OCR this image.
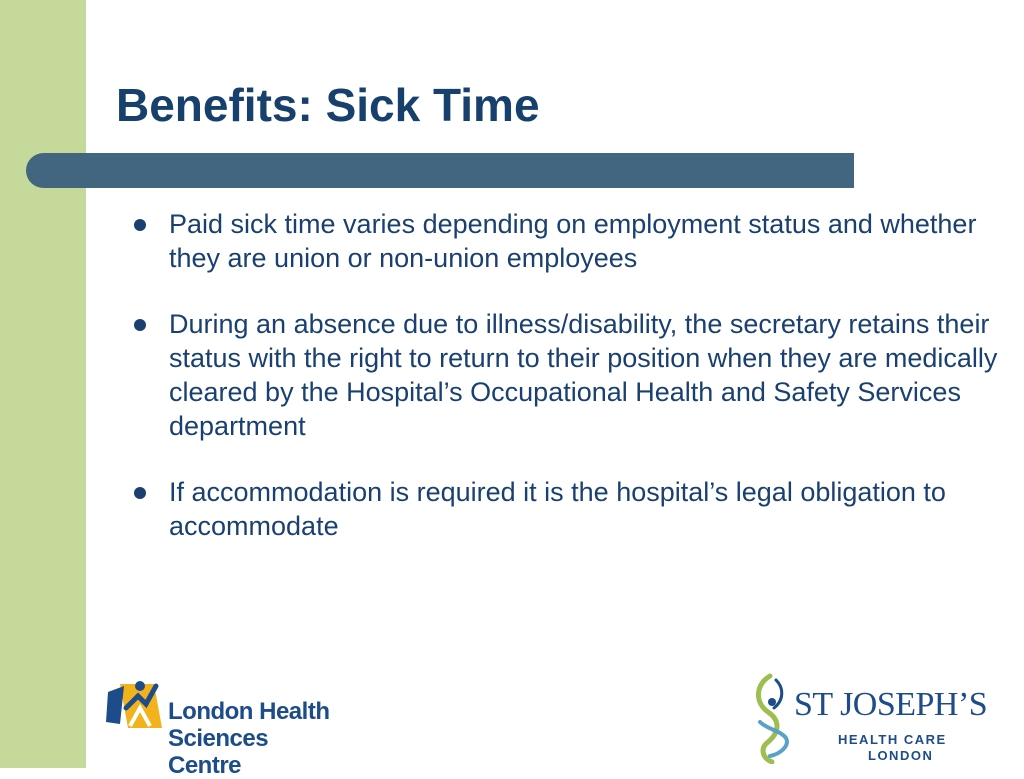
Benefits: Sick Time
Paid sick time varies depending on employment status and whether they are union or non-union employees
During an absence due to illness/disability, the secretary retains their status with the right to return to their position when they are medically cleared by the Hospital’s Occupational Health and Safety Services department
If accommodation is required it is the hospital’s legal obligation to accommodate
London Health
Sciences Centre
ST JOSEPH’S
HEALTH CARE
LONDON
